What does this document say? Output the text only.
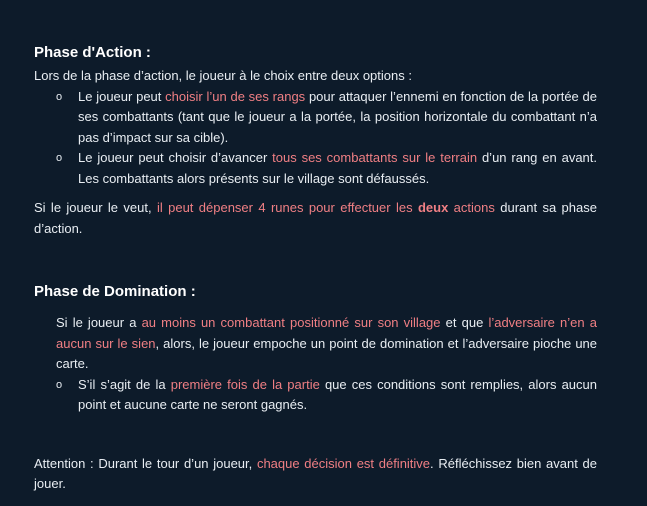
Phase d'Action :

Lors de la phase d’action, le joueur à le choix entre deux options :

o Le joueur peut choisir l’un de ses rangs pour attaquer l’ennemi en fonction de la portée de ses combattants (tant que le joueur a la portée, la position horizontale du combattant n’a pas d’impact sur sa cible).
o Le joueur peut choisir d’avancer tous ses combattants sur le terrain d’un rang en avant. Les combattants alors présents sur le village sont défaussés.

Si le joueur le veut, il peut dépenser 4 runes pour effectuer les deux actions durant sa phase d’action.

Phase de Domination :

Si le joueur a au moins un combattant positionné sur son village et que l’adversaire n’en a aucun sur le sien, alors, le joueur empoche un point de domination et l’adversaire pioche une carte.

o S’il s’agit de la première fois de la partie que ces conditions sont remplies, alors aucun point et aucune carte ne seront gagnés.

Attention : Durant le tour d’un joueur, chaque décision est définitive. Réfléchissez bien avant de jouer.
